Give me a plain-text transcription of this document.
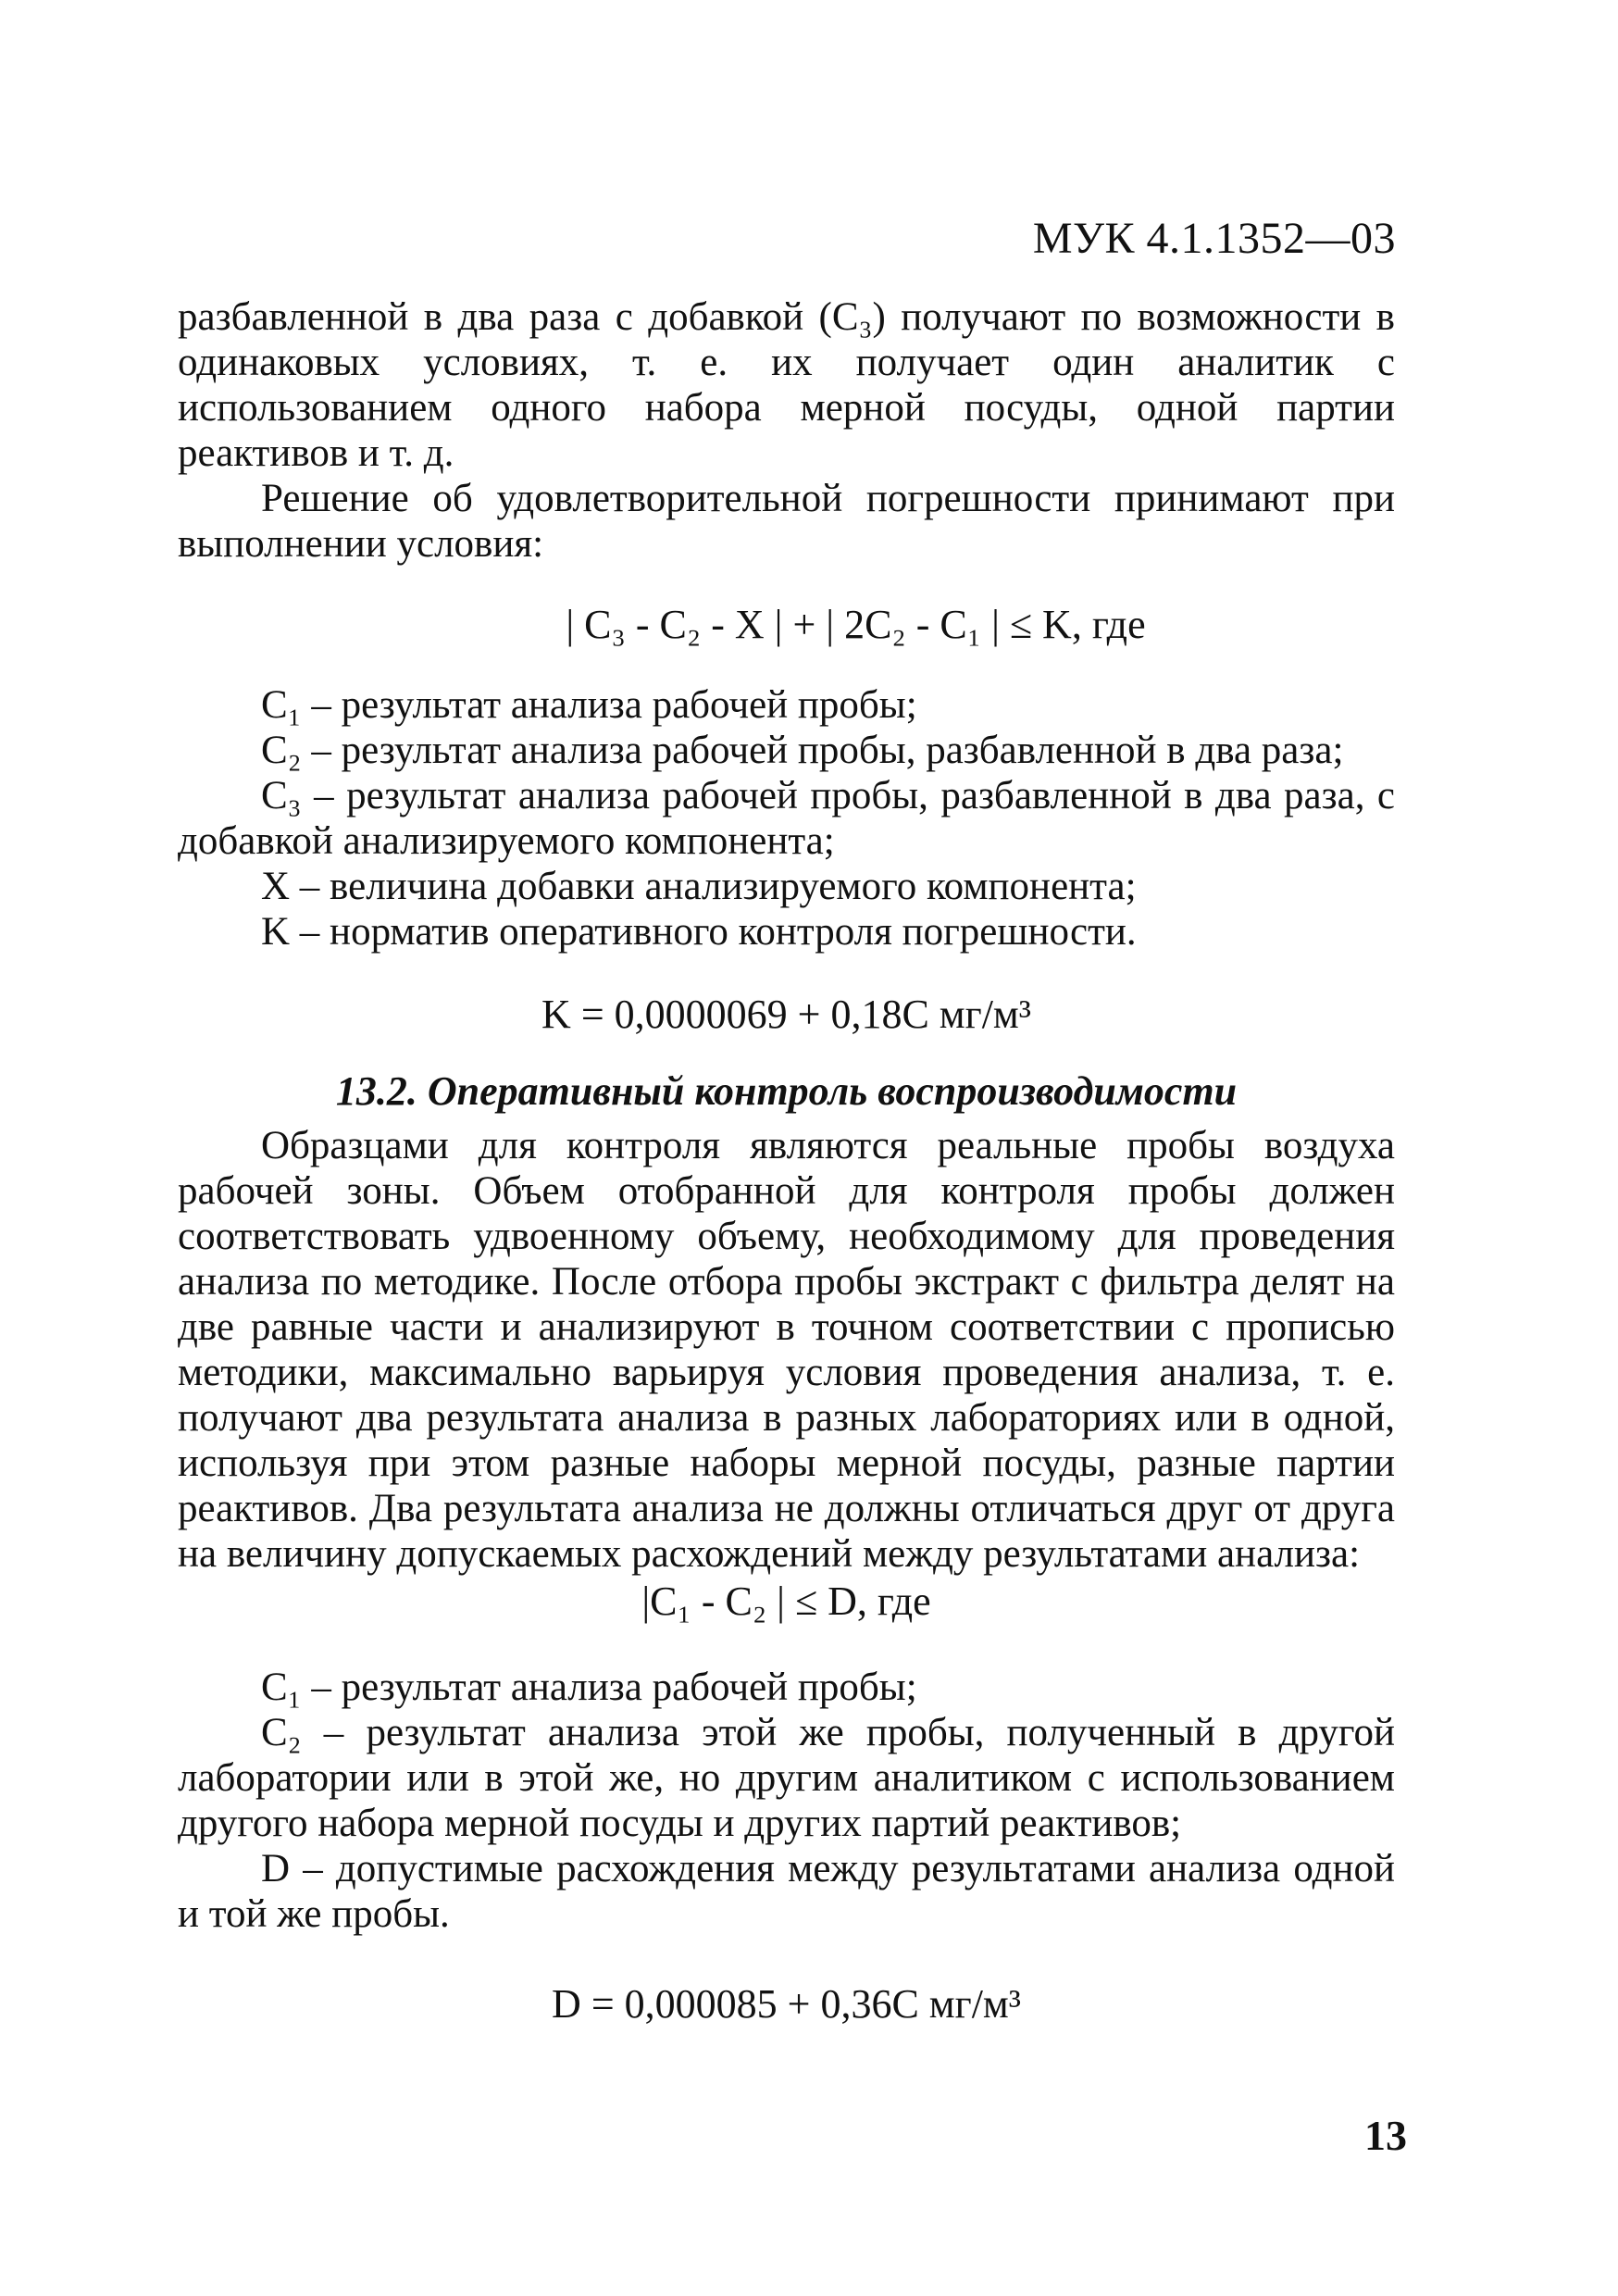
МУК 4.1.1352—03

разбавленной в два раза с добавкой (C₃) получают по возможности в одинаковых условиях, т. е. их получает один аналитик с использованием одного набора мерной посуды, одной партии реактивов и т. д.

Решение об удовлетворительной погрешности принимают при выполнении условия:

| C₃ - C₂ - X | + | 2C₂ - C₁ | ≤ K, где

C₁ – результат анализа рабочей пробы;

C₂ – результат анализа рабочей пробы, разбавленной в два раза;

C₃ – результат анализа рабочей пробы, разбавленной в два раза, с добавкой анализируемого компонента;

X – величина добавки анализируемого компонента;

K – норматив оперативного контроля погрешности.

K = 0,0000069 + 0,18C мг/м³

13.2. Оперативный контроль воспроизводимости

Образцами для контроля являются реальные пробы воздуха рабочей зоны. Объем отобранной для контроля пробы должен соответствовать удвоенному объему, необходимому для проведения анализа по методике. После отбора пробы экстракт с фильтра делят на две равные части и анализируют в точном соответствии с прописью методики, максимально варьируя условия проведения анализа, т. е. получают два результата анализа в разных лабораториях или в одной, используя при этом разные наборы мерной посуды, разные партии реактивов. Два результата анализа не должны отличаться друг от друга на величину допускаемых расхождений между результатами анализа:

|C₁ - C₂ | ≤ D, где

C₁ – результат анализа рабочей пробы;

C₂ – результат анализа этой же пробы, полученный в другой лаборатории или в этой же, но другим аналитиком с использованием другого набора мерной посуды и других партий реактивов;

D – допустимые расхождения между результатами анализа одной и той же пробы.

D = 0,000085 + 0,36C мг/м³

13
